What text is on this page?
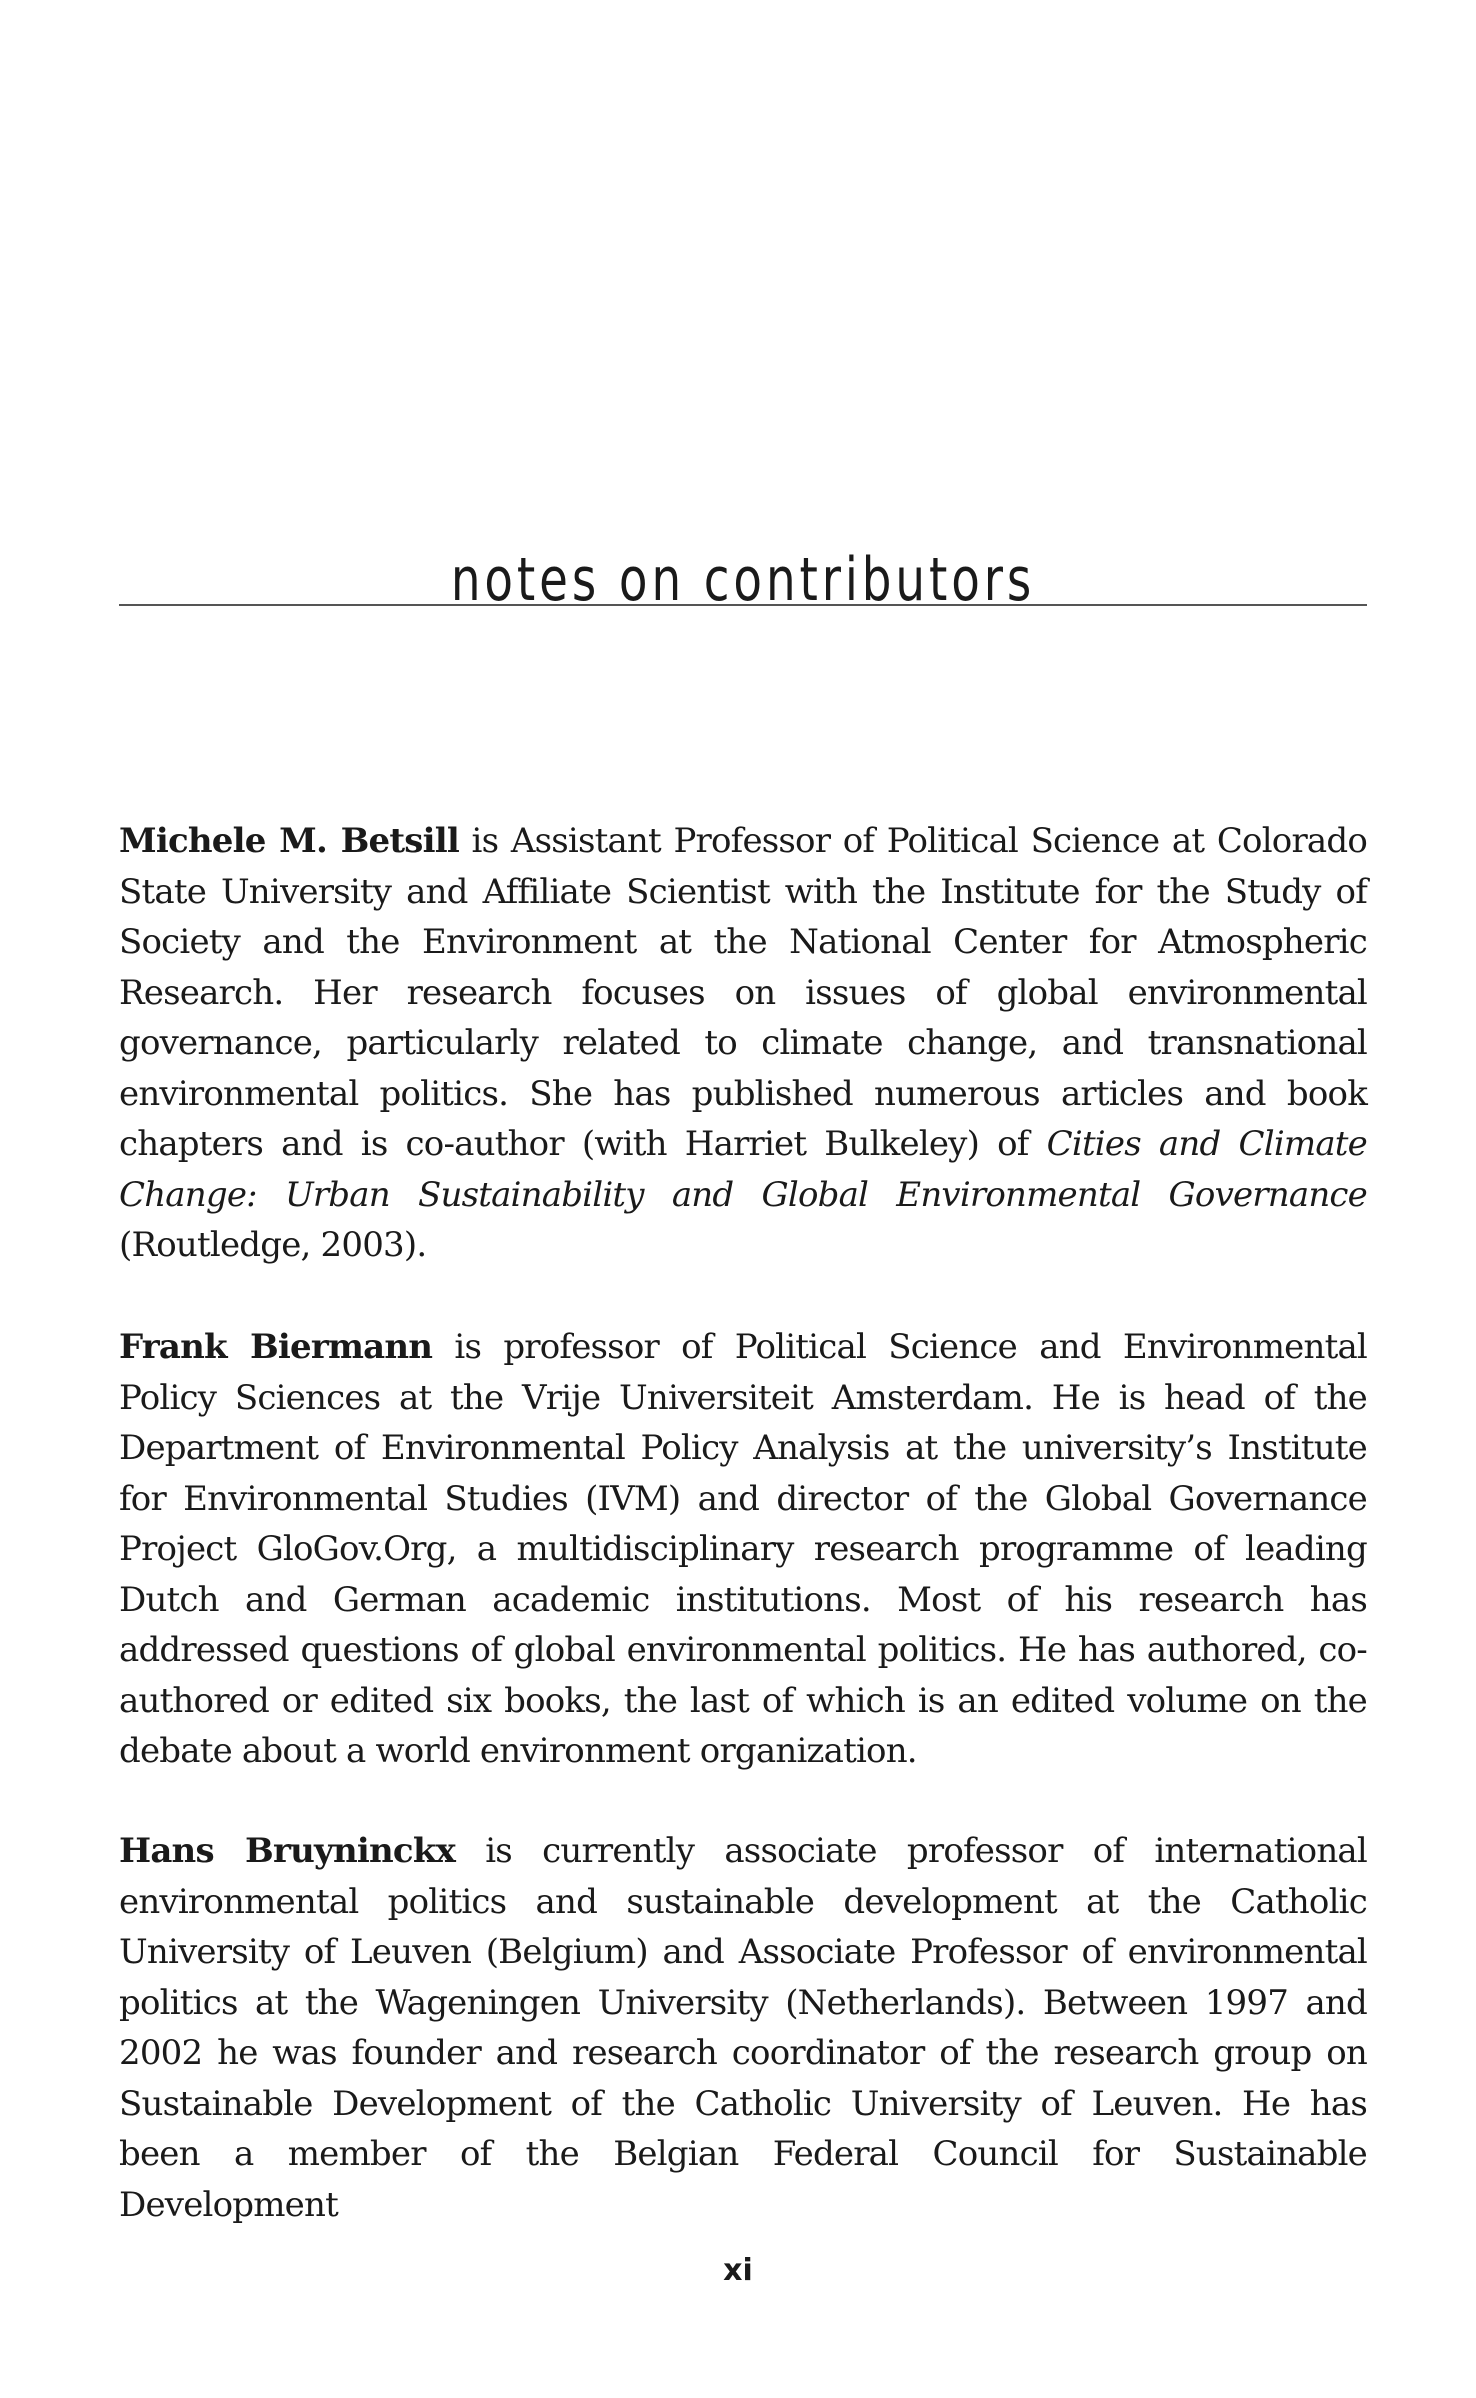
notes on contributors

Michele M. Betsill is Assistant Professor of Political Science at Colorado State University and Affiliate Scientist with the Institute for the Study of Society and the Environment at the National Center for Atmospheric Research. Her research focuses on issues of global environmental governance, particularly related to climate change, and transnational environmental politics. She has published numerous articles and book chapters and is co-author (with Harriet Bulkeley) of Cities and Climate Change: Urban Sustainability and Global Environmental Governance (Routledge, 2003).

Frank Biermann is professor of Political Science and Environmental Policy Sciences at the Vrije Universiteit Amsterdam. He is head of the Department of Environmental Policy Analysis at the university’s Institute for Environmental Studies (IVM) and director of the Global Governance Project GloGov.Org, a multidisciplinary research programme of leading Dutch and German academic institutions. Most of his research has addressed questions of global environmental politics. He has authored, co-authored or edited six books, the last of which is an edited volume on the debate about a world environment organization.

Hans Bruyninckx is currently associate professor of international environmental politics and sustainable development at the Catholic University of Leuven (Belgium) and Associate Professor of environmental politics at the Wageningen University (Netherlands). Between 1997 and 2002 he was founder and research coordinator of the research group on Sustainable Development of the Catholic University of Leuven. He has been a member of the Belgian Federal Council for Sustainable Development

xi
